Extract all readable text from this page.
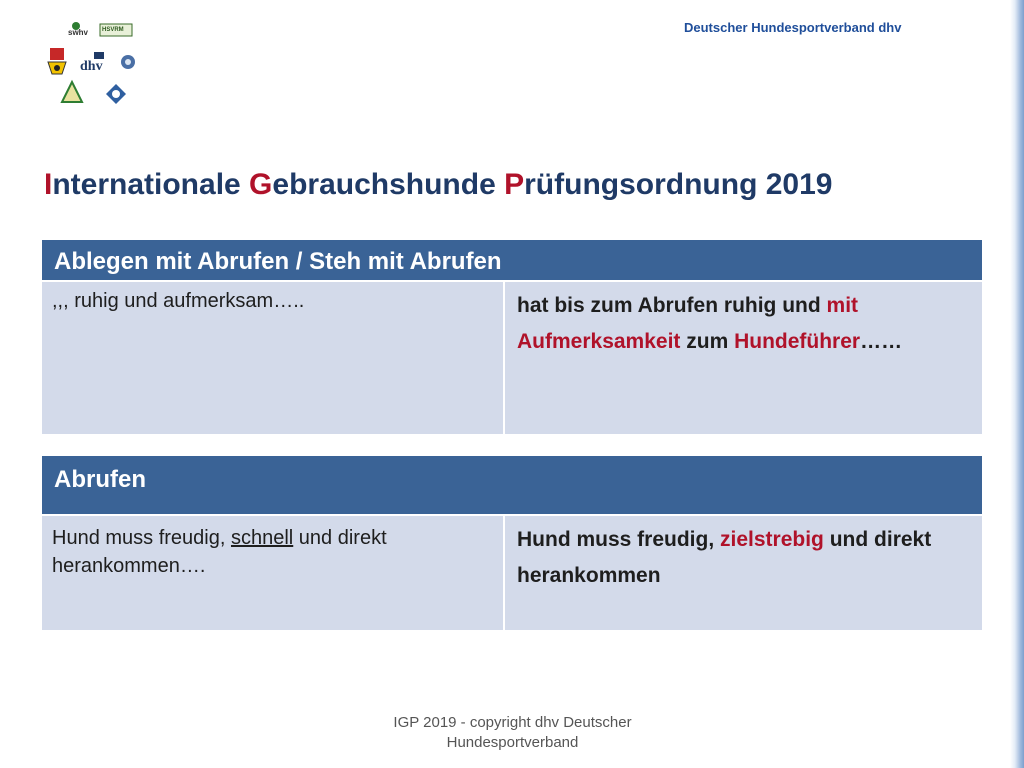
Deutscher Hundesportverband dhv
swhv HSVRM
dhv
Internationale Gebrauchshunde Prüfungsordnung 2019
Ablegen mit Abrufen / Steh mit Abrufen
,,, ruhig und aufmerksam…..	hat bis zum Abrufen ruhig und mit Aufmerksamkeit zum Hundeführer……
Abrufen
Hund muss freudig, schnell und direkt herankommen….
Hund muss freudig, zielstrebig und direkt herankommen
IGP 2019 - copyright dhv Deutscher Hundesportverband
